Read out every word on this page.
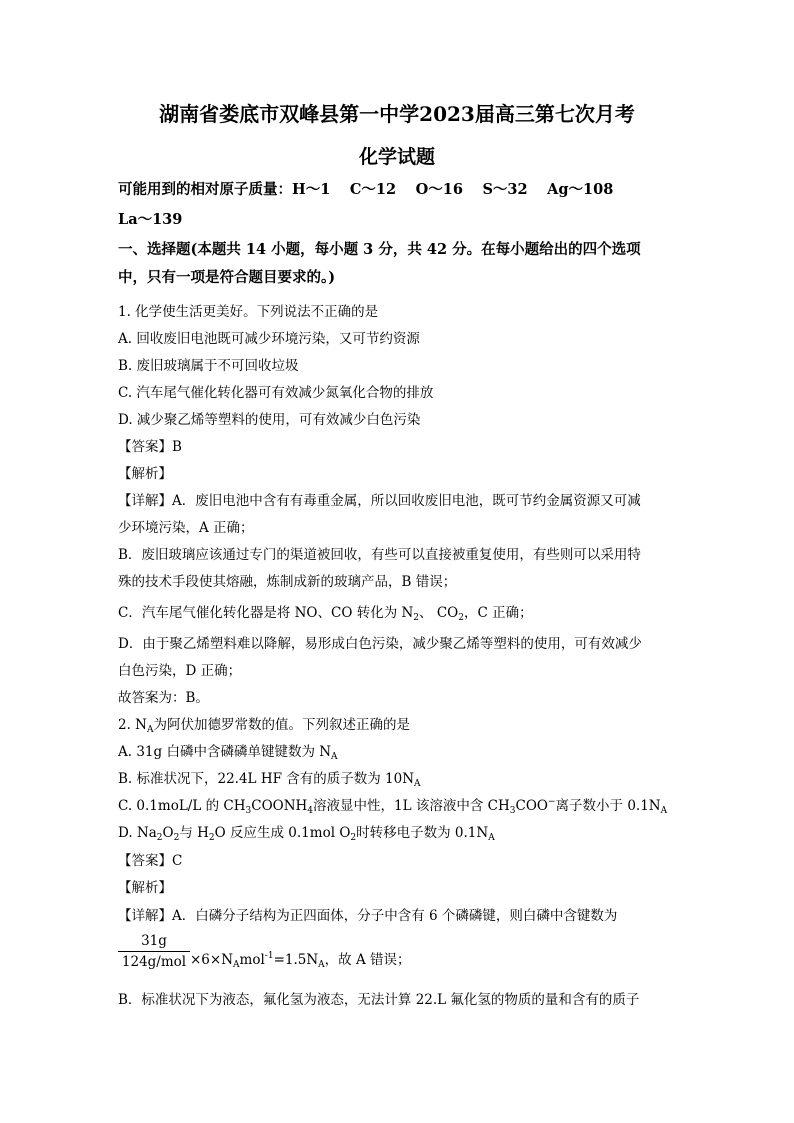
湖南省娄底市双峰县第一中学2023届高三第七次月考
化学试题
可能用到的相对原子质量：H～1　 C～12　 O～16　 S～32　 Ag～108
La～139
一、选择题(本题共 14 小题，每小题 3 分，共 42 分。在每小题给出的四个选项
中，只有一项是符合题目要求的。)
1. 化学使生活更美好。下列说法不正确的是
A. 回收废旧电池既可减少环境污染，又可节约资源
B. 废旧玻璃属于不可回收垃圾
C. 汽车尾气催化转化器可有效减少氮氧化合物的排放
D. 减少聚乙烯等塑料的使用，可有效减少白色污染
【答案】B
【解析】
【详解】A．废旧电池中含有有毒重金属，所以回收废旧电池，既可节约金属资源又可减
少环境污染，A 正确；
B．废旧玻璃应该通过专门的渠道被回收，有些可以直接被重复使用，有些则可以采用特
殊的技术手段使其熔融，炼制成新的玻璃产品，B 错误；
C．汽车尾气催化转化器是将 NO、CO 转化为 $N_2$、 $CO_2$，C 正确；
D．由于聚乙烯塑料难以降解，易形成白色污染，减少聚乙烯等塑料的使用，可有效减少
白色污染，D 正确；
故答案为：B。
2. $N_A$为阿伏加德罗常数的值。下列叙述正确的是
A. 31g 白磷中含磷磷单键键数为 $N_A$
B. 标准状况下，22.4L HF 含有的质子数为 $10N_A$
C. 0.1moL/L 的 $CH_3COONH_4$溶液显中性，1L 该溶液中含 $CH_3COO^-$离子数小于 $0.1N_A$
D. $Na_2O_2$与 $H_2O$ 反应生成 0.1mol $O_2$时转移电子数为 $0.1N_A$
【答案】C
【解析】
【详解】A．白磷分子结构为正四面体，分子中含有 6 个磷磷键，则白磷中含键数为
31g
$124g/mol \times 6\times N_Amol^{-1}=1.5N_A$，故 A 错误；
B．标准状况下为液态，氟化氢为液态，无法计算 22.L 氟化氢的物质的量和含有的质子
